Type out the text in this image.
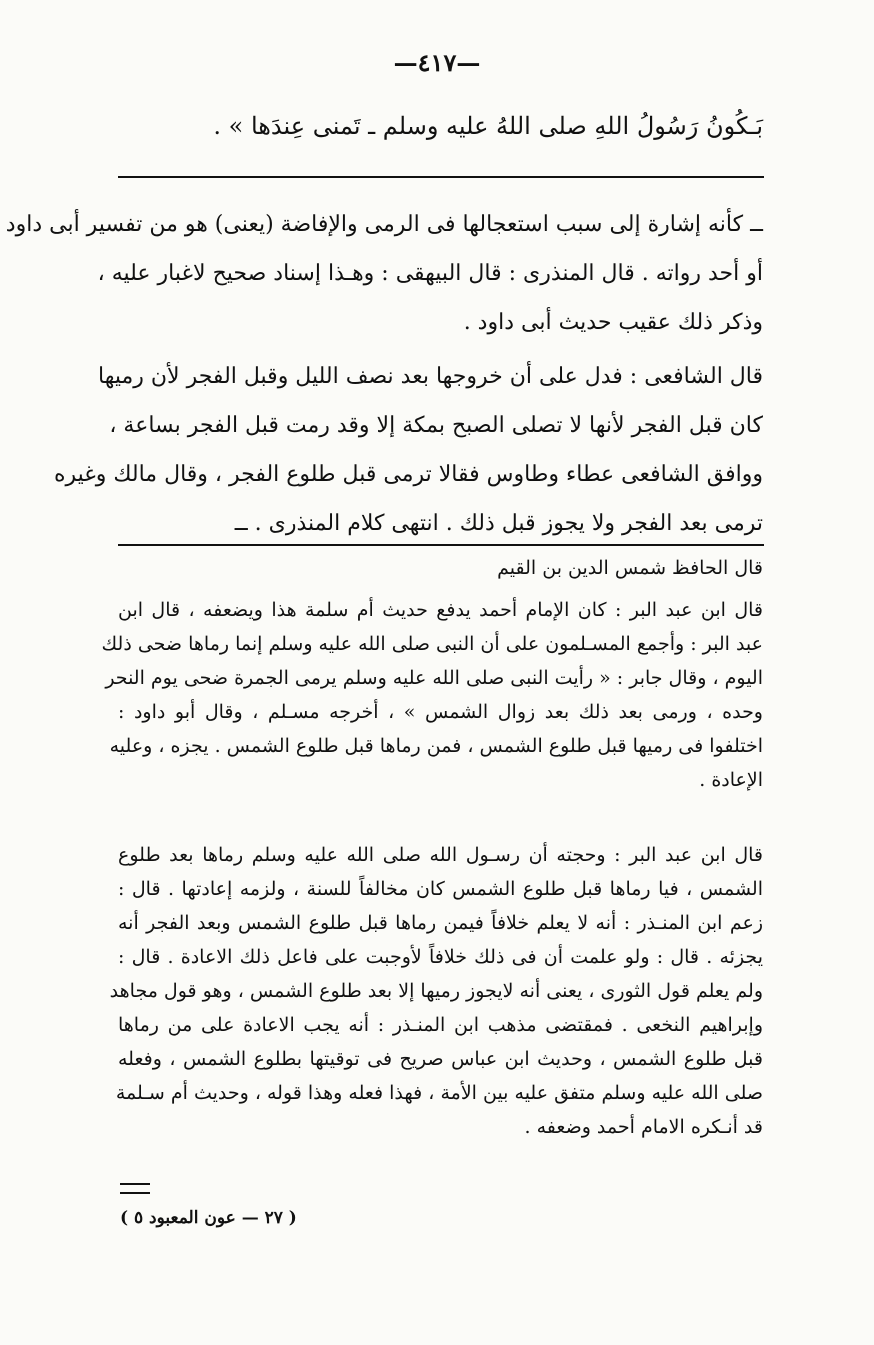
—٤١٧—
بَـكُونُ رَسُولُ اللهِ صلى اللهُ عليه وسلم ـ تَمنى عِندَها » .
ــ كأنه إشارة إلى سبب استعجالها فى الرمى والإفاضة (يعنى) هو من تفسير أبى داود
أو أحد رواته . قال المنذرى : قال البيهقى : وهـذا إسناد صحيح لاغبار عليه ،
وذكر ذلك عقيب حديث أبى داود .
قال الشافعى : فدل على أن خروجها بعد نصف الليل وقبل الفجر لأن رميها
كان قبل الفجر لأنها لا تصلى الصبح بمكة إلا وقد رمت قبل الفجر بساعة ،
ووافق الشافعى عطاء وطاوس فقالا ترمى قبل طلوع الفجر ، وقال مالك وغيره
ترمى بعد الفجر ولا يجوز قبل ذلك . انتهى كلام المنذرى . ــ
قال الحافظ شمس الدين بن القيم
قال ابن عبد البر : كان الإمام أحمد يدفع حديث أم سلمة هذا ويضعفه ، قال ابن
عبد البر : وأجمع المسـلمون على أن النبى صلى الله عليه وسلم إنما رماها ضحى ذلك
اليوم ، وقال جابر : « رأيت النبى صلى الله عليه وسلم يرمى الجمرة ضحى يوم النحر
وحده ، ورمى بعد ذلك بعد زوال الشمس » ، أخرجه مسـلم ، وقال أبو داود :
اختلفوا فى رميها قبل طلوع الشمس ، فمن رماها قبل طلوع الشمس . يجزه ، وعليه
الإعادة .
قال ابن عبد البر : وحجته أن رسـول الله صلى الله عليه وسلم رماها بعد طلوع
الشمس ، فيا رماها قبل طلوع الشمس كان مخالفاً للسنة ، ولزمه إعادتها . قال :
زعم ابن المنـذر : أنه لا يعلم خلافاً فيمن رماها قبل طلوع الشمس وبعد الفجر أنه
يجزئه . قال : ولو علمت أن فى ذلك خلافاً لأوجبت على فاعل ذلك الاعادة . قال :
ولم يعلم قول الثورى ، يعنى أنه لايجوز رميها إلا بعد طلوع الشمس ، وهو قول مجاهد
وإبراهيم النخعى . فمقتضى مذهب ابن المنـذر : أنه يجب الاعادة على من رماها
قبل طلوع الشمس ، وحديث ابن عباس صريح فى توقيتها بطلوع الشمس ، وفعله
صلى الله عليه وسلم متفق عليه بين الأمة ، فهذا فعله وهذا قوله ، وحديث أم سـلمة
قد أنـكره الامام أحمد وضعفه .
( ٢٧ — عون المعبود ٥ )
